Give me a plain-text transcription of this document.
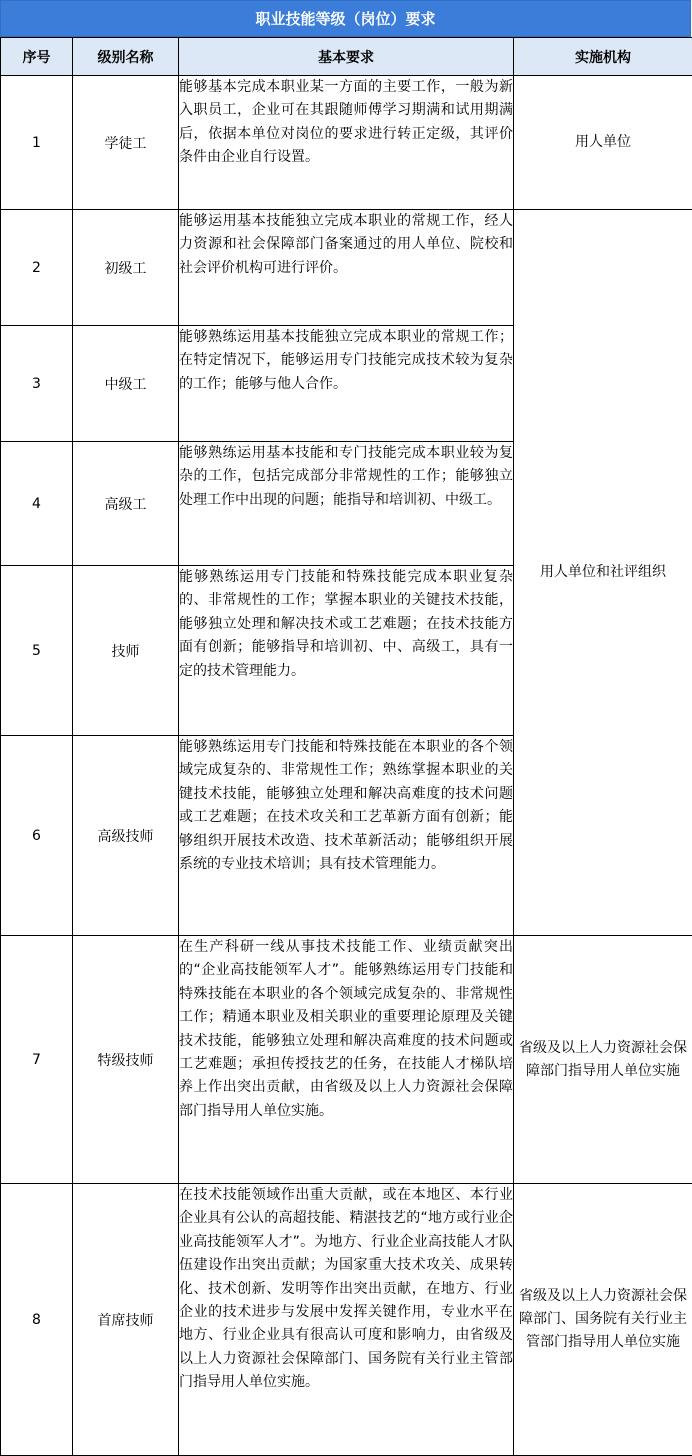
职业技能等级（岗位）要求
序号	级别名称	基本要求	实施机构
1	学徒工	能够基本完成本职业某一方面的主要工作，一般为新入职员工，企业可在其跟随师傅学习期满和试用期满后，依据本单位对岗位的要求进行转正定级，其评价条件由企业自行设置。	用人单位
2	初级工	能够运用基本技能独立完成本职业的常规工作，经人力资源和社会保障部门备案通过的用人单位、院校和社会评价机构可进行评价。	用人单位和社评组织
3	中级工	能够熟练运用基本技能独立完成本职业的常规工作；在特定情况下，能够运用专门技能完成技术较为复杂的工作；能够与他人合作。	
4	高级工	能够熟练运用基本技能和专门技能完成本职业较为复杂的工作，包括完成部分非常规性的工作；能够独立处理工作中出现的问题；能指导和培训初、中级工。	
5	技师	能够熟练运用专门技能和特殊技能完成本职业复杂的、非常规性的工作；掌握本职业的关键技术技能，能够独立处理和解决技术或工艺难题；在技术技能方面有创新；能够指导和培训初、中、高级工，具有一定的技术管理能力。	
6	高级技师	能够熟练运用专门技能和特殊技能在本职业的各个领域完成复杂的、非常规性工作；熟练掌握本职业的关键技术技能，能够独立处理和解决高难度的技术问题或工艺难题；在技术攻关和工艺革新方面有创新；能够组织开展技术改造、技术革新活动；能够组织开展系统的专业技术培训；具有技术管理能力。	
7	特级技师	在生产科研一线从事技术技能工作、业绩贡献突出的“企业高技能领军人才”。能够熟练运用专门技能和特殊技能在本职业的各个领域完成复杂的、非常规性工作；精通本职业及相关职业的重要理论原理及关键技术技能，能够独立处理和解决高难度的技术问题或工艺难题；承担传授技艺的任务，在技能人才梯队培养上作出突出贡献，由省级及以上人力资源社会保障部门指导用人单位实施。	省级及以上人力资源社会保障部门指导用人单位实施
8	首席技师	在技术技能领域作出重大贡献，或在本地区、本行业企业具有公认的高超技能、精湛技艺的“地方或行业企业高技能领军人才”。为地方、行业企业高技能人才队伍建设作出突出贡献；为国家重大技术攻关、成果转化、技术创新、发明等作出突出贡献，在地方、行业企业的技术进步与发展中发挥关键作用，专业水平在地方、行业企业具有很高认可度和影响力，由省级及以上人力资源社会保障部门、国务院有关行业主管部门指导用人单位实施。	省级及以上人力资源社会保障部门、国务院有关行业主管部门指导用人单位实施
